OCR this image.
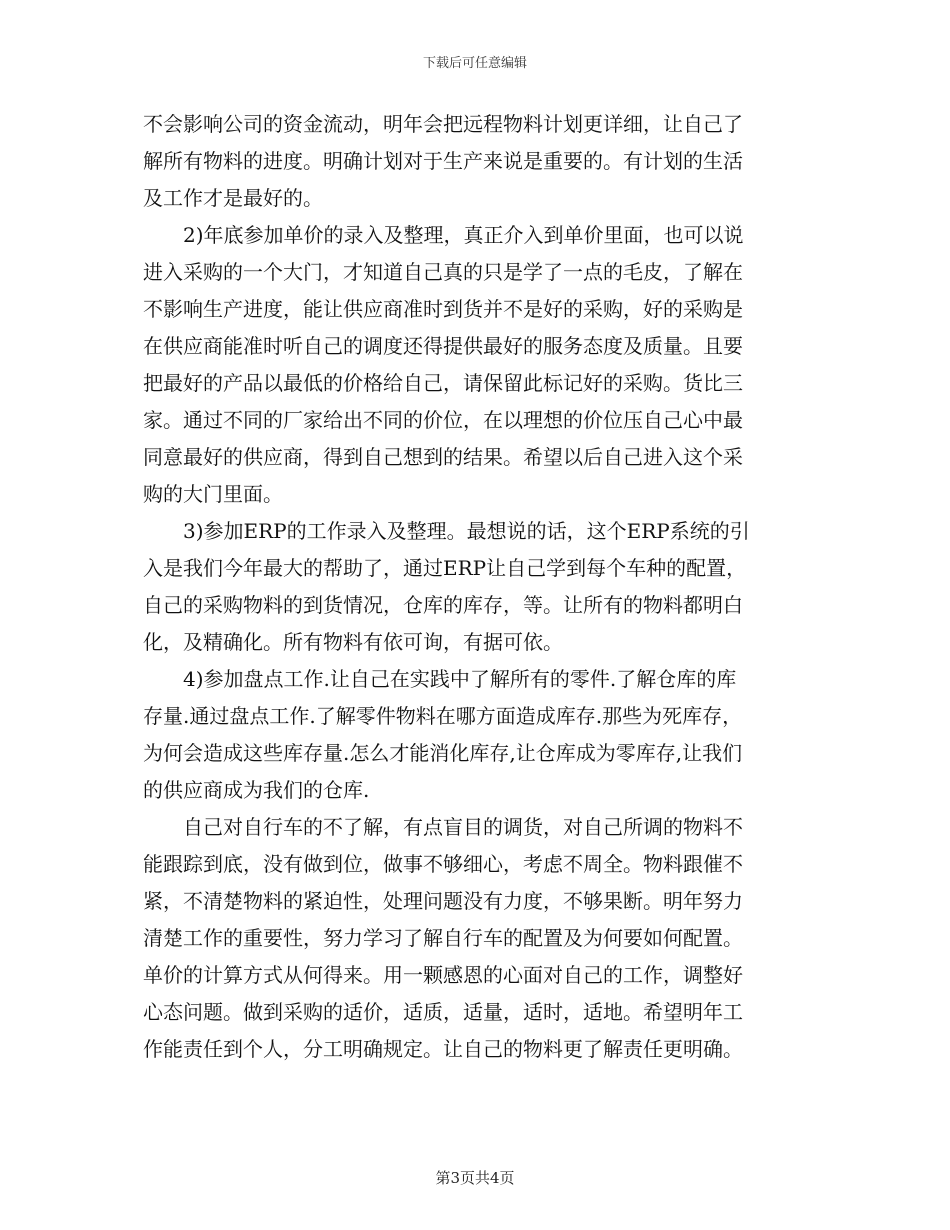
下载后可任意编辑
不会影响公司的资金流动，明年会把远程物料计划更详细，让自己了
解所有物料的进度。明确计划对于生产来说是重要的。有计划的生活
及工作才是最好的。
　　2)年底参加单价的录入及整理，真正介入到单价里面，也可以说
进入采购的一个大门，才知道自己真的只是学了一点的毛皮，了解在
不影响生产进度，能让供应商准时到货并不是好的采购，好的采购是
在供应商能准时听自己的调度还得提供最好的服务态度及质量。且要
把最好的产品以最低的价格给自己，请保留此标记好的采购。货比三
家。通过不同的厂家给出不同的价位，在以理想的价位压自己心中最
同意最好的供应商，得到自己想到的结果。希望以后自己进入这个采
购的大门里面。
　　3)参加ERP的工作录入及整理。最想说的话，这个ERP系统的引
入是我们今年最大的帮助了，通过ERP让自己学到每个车种的配置，
自己的采购物料的到货情况，仓库的库存，等。让所有的物料都明白
化，及精确化。所有物料有依可询，有据可依。
　　4)参加盘点工作.让自己在实践中了解所有的零件.了解仓库的库
存量.通过盘点工作.了解零件物料在哪方面造成库存.那些为死库存，
为何会造成这些库存量.怎么才能消化库存,让仓库成为零库存,让我们
的供应商成为我们的仓库.
　　自己对自行车的不了解，有点盲目的调货，对自己所调的物料不
能跟踪到底，没有做到位，做事不够细心，考虑不周全。物料跟催不
紧，不清楚物料的紧迫性，处理问题没有力度，不够果断。明年努力
清楚工作的重要性，努力学习了解自行车的配置及为何要如何配置。
单价的计算方式从何得来。用一颗感恩的心面对自己的工作，调整好
心态问题。做到采购的适价，适质，适量，适时，适地。希望明年工
作能责任到个人，分工明确规定。让自己的物料更了解责任更明确。
第3页共4页
